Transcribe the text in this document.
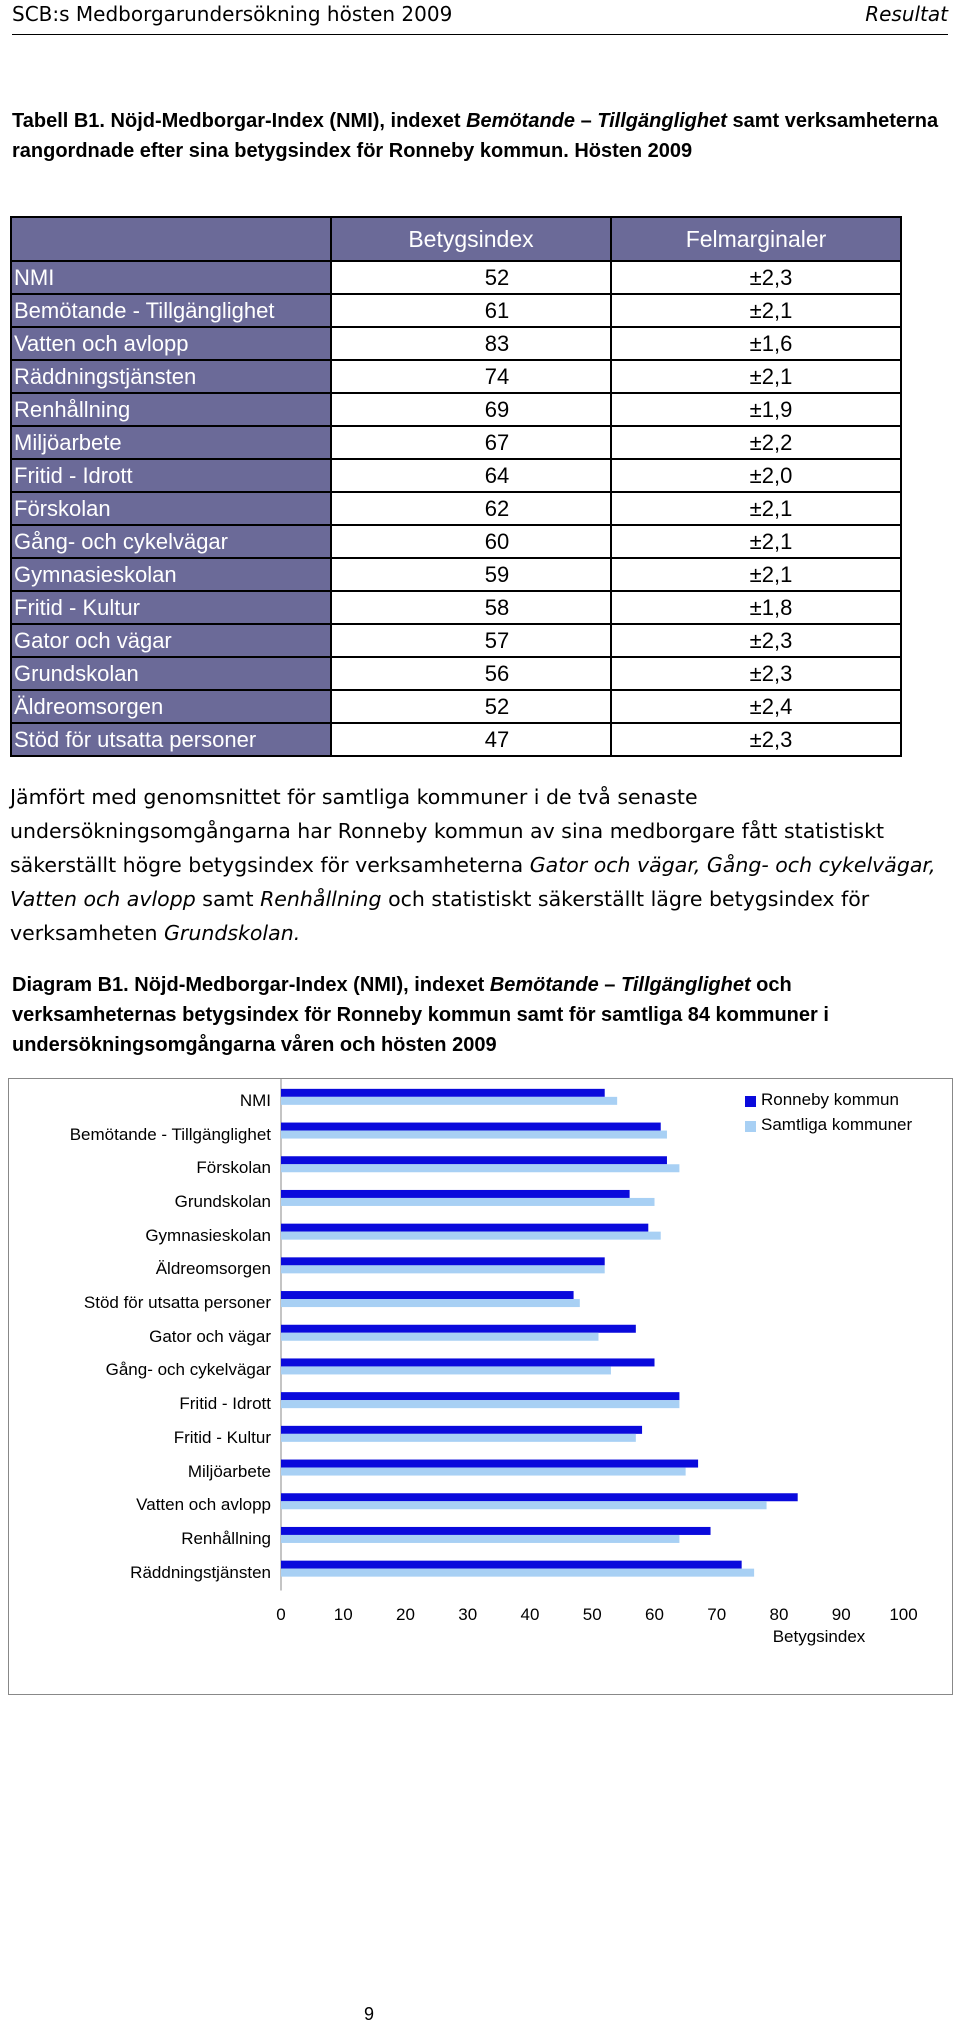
SCB:s Medborgarundersökning hösten 2009	Resultat
Tabell B1. Nöjd-Medborgar-Index (NMI), indexet Bemötande – Tillgänglighet samt verksamheterna rangordnade efter sina betygsindex för Ronneby kommun. Hösten 2009
	Betygsindex	Felmarginaler
NMI	52	±2,3
Bemötande - Tillgänglighet	61	±2,1
Vatten och avlopp	83	±1,6
Räddningstjänsten	74	±2,1
Renhållning	69	±1,9
Miljöarbete	67	±2,2
Fritid - Idrott	64	±2,0
Förskolan	62	±2,1
Gång- och cykelvägar	60	±2,1
Gymnasieskolan	59	±2,1
Fritid - Kultur	58	±1,8
Gator och vägar	57	±2,3
Grundskolan	56	±2,3
Äldreomsorgen	52	±2,4
Stöd för utsatta personer	47	±2,3
Jämfört med genomsnittet för samtliga kommuner i de två senaste undersökningsomgångarna har Ronneby kommun av sina medborgare fått statistiskt säkerställt högre betygsindex för verksamheterna Gator och vägar, Gång- och cykelvägar, Vatten och avlopp samt Renhållning och statistiskt säkerställt lägre betygsindex för verksamheten Grundskolan.
Diagram B1. Nöjd-Medborgar-Index (NMI), indexet Bemötande – Tillgänglighet och verksamheternas betygsindex för Ronneby kommun samt för samtliga 84 kommuner i undersökningsomgångarna våren och hösten 2009
NMI
Bemötande - Tillgänglighet
Förskolan
Grundskolan
Gymnasieskolan
Äldreomsorgen
Stöd för utsatta personer
Gator och vägar
Gång- och cykelvägar
Fritid - Idrott
Fritid - Kultur
Miljöarbete
Vatten och avlopp
Renhållning
Räddningstjänsten
0	10	20	30	40	50	60	70	80	90	100
Betygsindex
Ronneby kommun
Samtliga kommuner
9
